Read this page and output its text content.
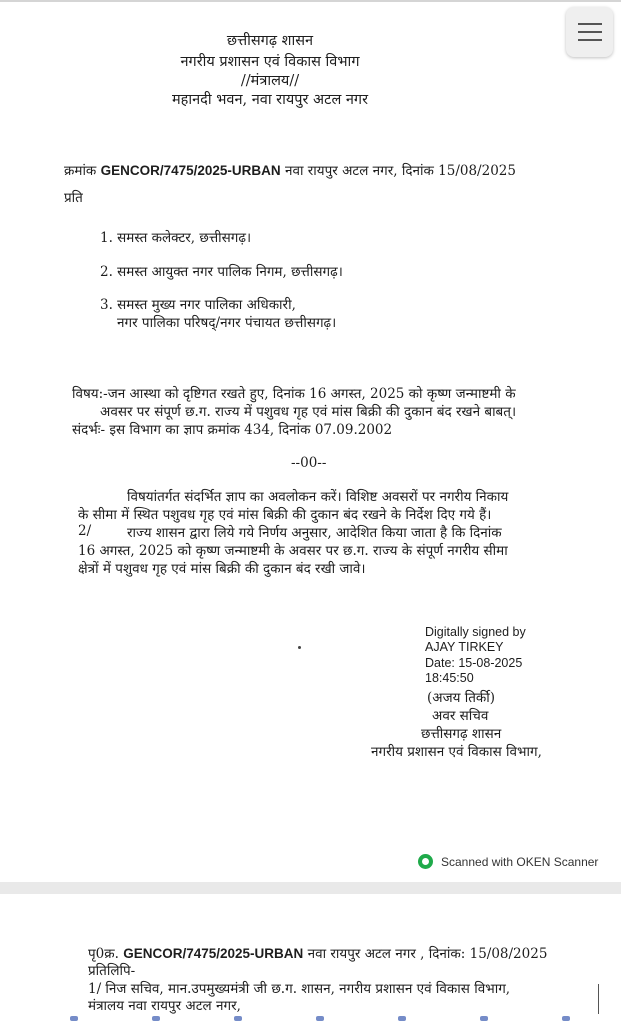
छत्तीसगढ़ शासन
नगरीय प्रशासन एवं विकास विभाग
//मंत्रालय//
महानदी भवन, नवा रायपुर अटल नगर
क्रमांक GENCOR/7475/2025-URBAN नवा रायपुर अटल नगर, दिनांक 15/08/2025
प्रति
1. समस्त कलेक्टर, छत्तीसगढ़।
2. समस्त आयुक्त नगर पालिक निगम, छत्तीसगढ़।
3. समस्त मुख्य नगर पालिका अधिकारी,
नगर पालिका परिषद्/नगर पंचायत छत्तीसगढ़।
विषय:-जन आस्था को दृष्टिगत रखते हुए, दिनांक 16 अगस्त, 2025 को कृष्ण जन्माष्टमी के
अवसर पर संपूर्ण छ.ग. राज्य में पशुवध गृह एवं मांस बिक्री की दुकान बंद रखने बाबत्।
संदर्भः- इस विभाग का ज्ञाप क्रमांक 434, दिनांक 07.09.2002
--00--
विषयांतर्गत संदर्भित ज्ञाप का अवलोकन करें। विशिष्ट अवसरों पर नगरीय निकाय
के सीमा में स्थित पशुवध गृह एवं मांस बिक्री की दुकान बंद रखने के निर्देश दिए गये हैं।
2/	राज्य शासन द्वारा लिये गये निर्णय अनुसार, आदेशित किया जाता है कि दिनांक
16 अगस्त, 2025 को कृष्ण जन्माष्टमी के अवसर पर छ.ग. राज्य के संपूर्ण नगरीय सीमा
क्षेत्रों में पशुवध गृह एवं मांस बिक्री की दुकान बंद रखी जावे।
Digitally signed by
AJAY TIRKEY
Date: 15-08-2025
18:45:50
(अजय तिर्की)
अवर सचिव
छत्तीसगढ़ शासन
नगरीय प्रशासन एवं विकास विभाग,
Scanned with OKEN Scanner
पृ0क्र. GENCOR/7475/2025-URBAN नवा रायपुर अटल नगर , दिनांक: 15/08/2025
प्रतिलिपि-
1/ निज सचिव, मान.उपमुख्यमंत्री जी छ.ग. शासन, नगरीय प्रशासन एवं विकास विभाग,
मंत्रालय नवा रायपुर अटल नगर,
